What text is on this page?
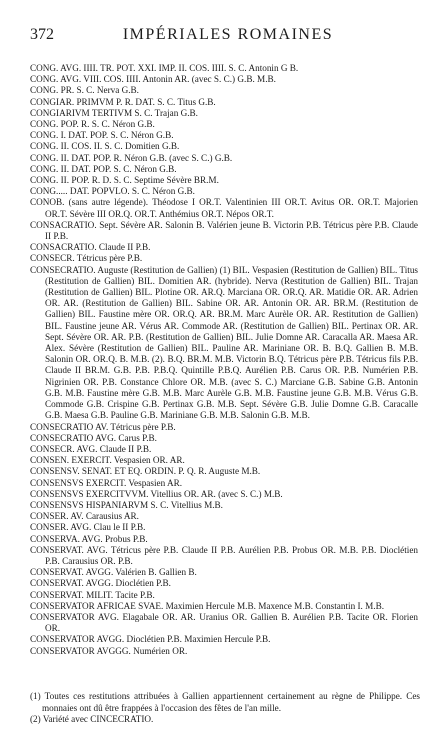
372	IMPÉRIALES ROMAINES

CONG. AVG. IIII. TR. POT. XXI. IMP. II. COS. IIII. S. C. Antonin G B.

CONG. AVG. VIII. COS. IIII. Antonin AR. (avec S. C.) G.B. M.B.

CONG. PR. S. C. Nerva G.B.

CONGIAR. PRIMVM P. R. DAT. S. C. Titus G.B.

CONGIARIVM TERTIVM S. C. Trajan G.B.

CONG. POP. R. S. C. Néron G.B.

CONG. I. DAT. POP. S. C. Néron G.B.

CONG. II. COS. II. S. C. Domitien G.B.

CONG. II. DAT. POP. R. Néron G.B. (avec S. C.) G.B.

CONG. II. DAT. POP. S. C. Néron G.B.

CONG. II. POP. R. D. S. C. Septime Sévère BR.M.

CONG..... DAT. POPVLO. S. C. Néron G.B.

CONOB. (sans autre légende). Théodose I OR.T. Valentinien III OR.T. Avitus OR. OR.T. Majorien OR.T. Sévère III OR.Q. OR.T. Anthémius OR.T. Népos OR.T.

CONSACRATIO. Sept. Sévère AR. Salonin B. Valérien jeune B. Victorin P.B. Tétricus père P.B. Claude II P.B.

CONSACRATIO. Claude II P.B.

CONSECR. Tétricus père P.B.

CONSECRATIO. Auguste (Restitution de Gallien) (1) BIL. Vespasien (Restitution de Gallien) BIL. Titus (Restitution de Gallien) BIL. Domitien AR. (hybride). Nerva (Restitution de Gallien) BIL. Trajan (Restitution de Gallien) BIL. Plotine OR. AR.Q. Marciana OR. OR.Q. AR. Matidie OR. AR. Adrien OR. AR. (Restitution de Gallien) BIL. Sabine OR. AR. Antonin OR. AR. BR.M. (Restitution de Gallien) BIL. Faustine mère OR. OR.Q. AR. BR.M. Marc Aurèle OR. AR. Restitution de Gallien) BIL. Faustine jeune AR. Vérus AR. Commode AR. (Restitution de Gallien) BIL. Pertinax OR. AR. Sept. Sévère OR. AR. P.B. (Restitution de Gallien) BIL. Julie Domne AR. Caracalla AR. Maesa AR. Alex. Sévère (Restitution de Gallien) BIL. Pauline AR. Mariniane OR. B. B.Q. Gallien B. M.B. Salonin OR. OR.Q. B. M.B. (2). B.Q. BR.M. M.B. Victorin B.Q. Tétricus père P.B. Tétricus fils P.B. Claude II BR.M. G.B. P.B. P.B.Q. Quintille P.B.Q. Aurélien P.B. Carus OR. P.B. Numérien P.B. Nigrinien OR. P.B. Constance Chlore OR. M.B. (avec S. C.) Marciane G.B. Sabine G.B. Antonin G.B. M.B. Faustine mère G.B. M.B. Marc Aurèle G.B. M.B. Faustine jeune G.B. M.B. Vérus G.B. Commode G.B. Crispine G.B. Pertinax G.B. M.B. Sept. Sévère G.B. Julie Domne G.B. Caracalle G.B. Maesa G.B. Pauline G.B. Mariniane G.B. M.B. Salonin G.B. M.B.

CONSECRATIO AV. Tétricus père P.B.

CONSECRATIO AVG. Carus P.B.

CONSECR. AVG. Claude II P.B.

CONSEN. EXERCIT. Vespasien OR. AR.

CONSENSV. SENAT. ET EQ. ORDIN. P. Q. R. Auguste M.B.

CONSENSVS EXERCIT. Vespasien AR.

CONSENSVS EXERCITVVM. Vitellius OR. AR. (avec S. C.) M.B.

CONSENSVS HISPANIARVM S. C. Vitellius M.B.

CONSER. AV. Carausius AR.

CONSER. AVG. Clau le II P.B.

CONSERVA. AVG. Probus P.B.

CONSERVAT. AVG. Tétricus père P.B. Claude II P.B. Aurélien P.B. Probus OR. M.B. P.B. Dioclétien P.B. Carausius OR. P.B.

CONSERVAT. AVGG. Valérien B. Gallien B.

CONSERVAT. AVGG. Dioclétien P.B.

CONSERVAT. MILIT. Tacite P.B.

CONSERVATOR AFRICAE SVAE. Maximien Hercule M.B. Maxence M.B. Constantin I. M.B.

CONSERVATOR AVG. Elagabale OR. AR. Uranius OR. Gallien B. Aurélien P.B. Tacite OR. Florien OR.

CONSERVATOR AVGG. Dioclétien P.B. Maximien Hercule P.B.

CONSERVATOR AVGGG. Numérien OR.

(1) Toutes ces restitutions attribuées à Gallien appartiennent certainement au règne de Philippe. Ces monnaies ont dû être frappées à l'occasion des fêtes de l'an mille.

(2) Variété avec CINCECRATIO.
